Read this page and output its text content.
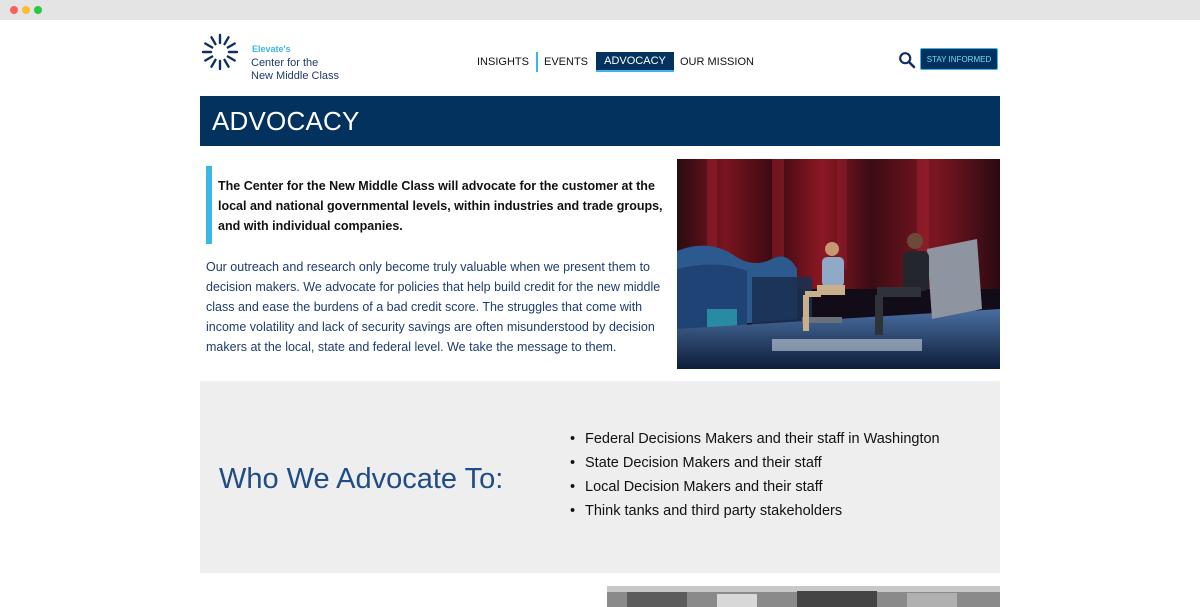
Elevate's
Center for the
New Middle Class
INSIGHTS EVENTS	ADVOCACY	OUR MISSION	STAY INFORMED
ADVOCACY
The Center for the New Middle Class will advocate for the customer at the local and national governmental levels, within industries and trade groups, and with individual companies.
Our outreach and research only become truly valuable when we present them to decision makers. We advocate for policies that help build credit for the new middle class and ease the burdens of a bad credit score. The struggles that come with income volatility and lack of security savings are often misunderstood by decision makers at the local, state and federal level. We take the message to them.
Who We Advocate To:
• Federal Decisions Makers and their staff in Washington
• State Decision Makers and their staff
• Local Decision Makers and their staff
• Think tanks and third party stakeholders
